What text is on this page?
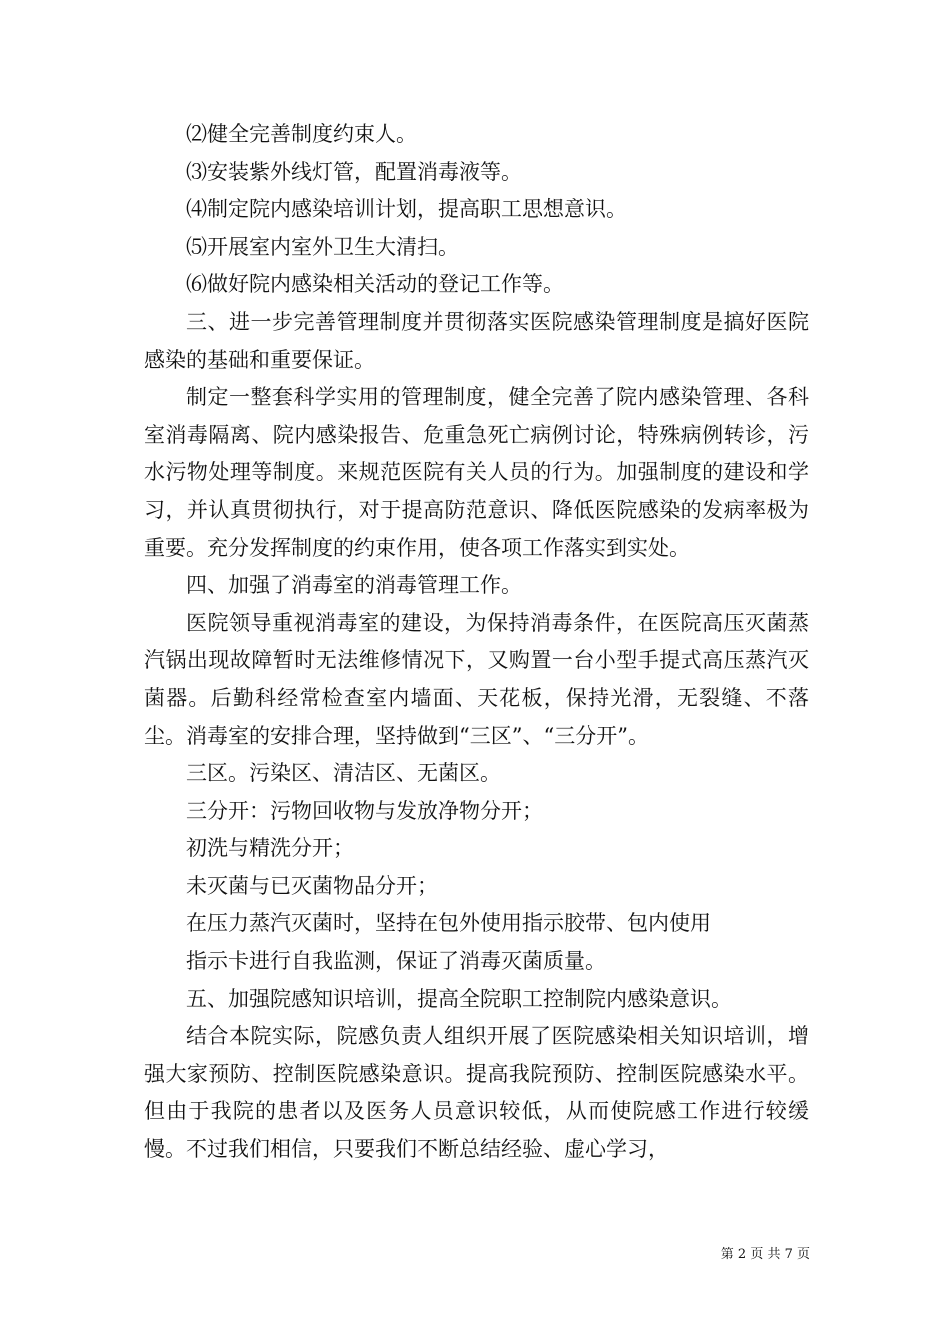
⑵健全完善制度约束人。

⑶安装紫外线灯管，配置消毒液等。

⑷制定院内感染培训计划，提高职工思想意识。

⑸开展室内室外卫生大清扫。

⑹做好院内感染相关活动的登记工作等。

三、进一步完善管理制度并贯彻落实医院感染管理制度是搞好医院感染的基础和重要保证。

制定一整套科学实用的管理制度，健全完善了院内感染管理、各科室消毒隔离、院内感染报告、危重急死亡病例讨论，特殊病例转诊，污水污物处理等制度。来规范医院有关人员的行为。加强制度的建设和学习，并认真贯彻执行，对于提高防范意识、降低医院感染的发病率极为重要。充分发挥制度的约束作用，使各项工作落实到实处。

四、加强了消毒室的消毒管理工作。

医院领导重视消毒室的建设，为保持消毒条件，在医院高压灭菌蒸汽锅出现故障暂时无法维修情况下，又购置一台小型手提式高压蒸汽灭菌器。后勤科经常检查室内墙面、天花板，保持光滑，无裂缝、不落尘。消毒室的安排合理，坚持做到“三区”、“三分开”。

三区。污染区、清洁区、无菌区。

三分开：污物回收物与发放净物分开；

初洗与精洗分开；

未灭菌与已灭菌物品分开；

在压力蒸汽灭菌时，坚持在包外使用指示胶带、包内使用

指示卡进行自我监测，保证了消毒灭菌质量。

五、加强院感知识培训，提高全院职工控制院内感染意识。

结合本院实际，院感负责人组织开展了医院感染相关知识培训，增强大家预防、控制医院感染意识。提高我院预防、控制医院感染水平。但由于我院的患者以及医务人员意识较低，从而使院感工作进行较缓慢。不过我们相信，只要我们不断总结经验、虚心学习，

第 2 页 共 7 页
